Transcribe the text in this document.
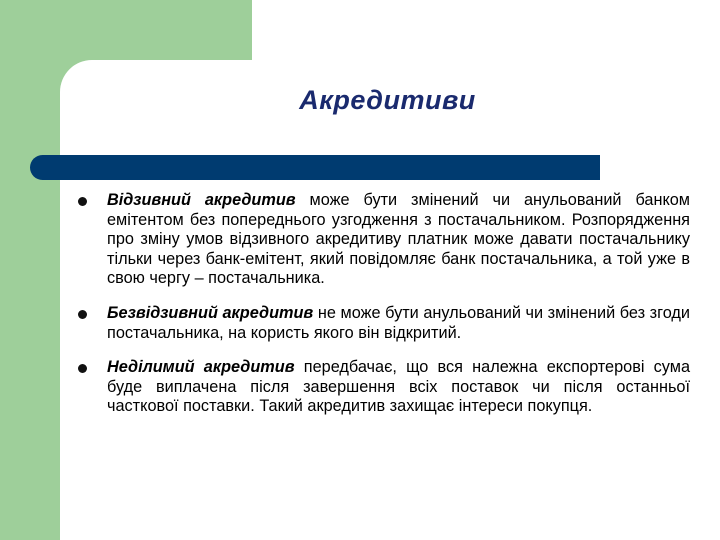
Акредитиви
Відзивний акредитив може бути змінений чи анульований банком емітентом без попереднього узгодження з постачальником. Розпорядження про зміну умов відзивного акредитиву платник може давати постачальнику тільки через банк-емітент, який повідомляє банк постачальника, а той уже в свою чергу – постачальника.
Безвідзивний акредитив не може бути анульований чи змінений без згоди постачальника, на користь якого він відкритий.
Неділимий акредитив передбачає, що вся належна експортерові сума буде виплачена після завершення всіх поставок чи після останньої часткової поставки. Такий акредитив захищає інтереси покупця.
